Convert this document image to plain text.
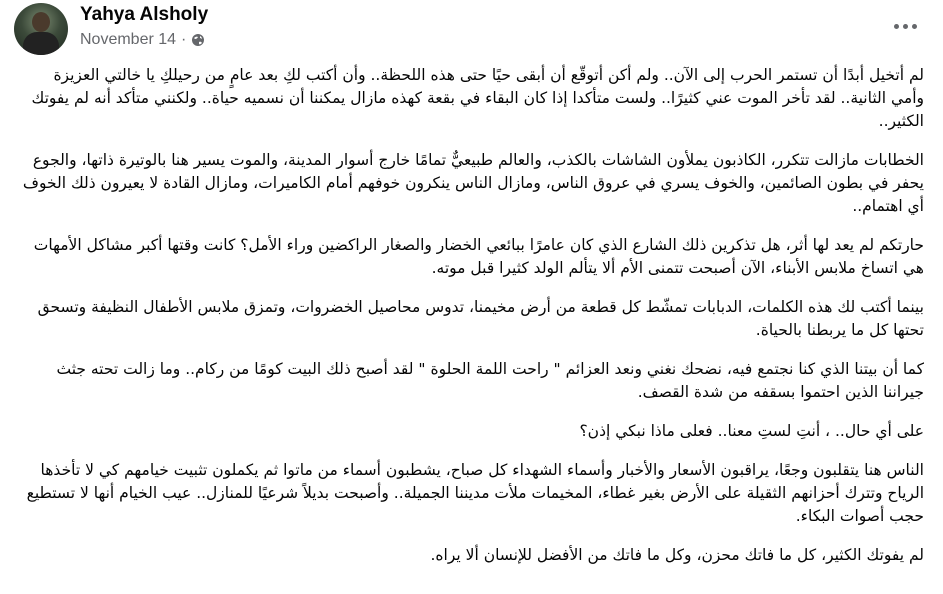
Yahya Alsholy
November 14 ·

لم أتخيل أبدًا أن تستمر الحرب إلى الآن.. ولم أكن أتوقّع أن أبقى حيًا حتى هذه اللحظة.. وأن أكتب لكِ بعد عامٍ من رحيلكِ يا خالتي العزيزة وأمي الثانية.. لقد تأخر الموت عني كثيرًا.. ولست متأكدا إذا كان البقاء في بقعة كهذه مازال يمكننا أن نسميه حياة.. ولكنني متأكد أنه لم يفوتك الكثير..

الخطابات مازالت تتكرر، الكاذبون يملأون الشاشات بالكذب، والعالم طبيعيٌّ تمامًا خارج أسوار المدينة، والموت يسير هنا بالوتيرة ذاتها، والجوع يحفر في بطون الصائمين، والخوف يسري في عروق الناس، ومازال الناس ينكرون خوفهم أمام الكاميرات، ومازال القادة لا يعيرون ذلك الخوف أي اهتمام..

حارتكم لم يعد لها أثر، هل تذكرين ذلك الشارع الذي كان عامرًا ببائعي الخضار والصغار الراكضين وراء الأمل؟ كانت وقتها أكبر مشاكل الأمهات هي اتساخ ملابس الأبناء، الآن أصبحت تتمنى الأم ألا يتألم الولد كثيرا قبل موته.

بينما أكتب لك هذه الكلمات، الدبابات تمشّط كل قطعة من أرض مخيمنا، تدوس محاصيل الخضروات، وتمزق ملابس الأطفال النظيفة وتسحق تحتها كل ما يربطنا بالحياة.

كما أن بيتنا الذي كنا نجتمع فيه، نضحك نغني ونعد العزائم " راحت اللمة الحلوة " لقد أصبح ذلك البيت كومًا من ركام.. وما زالت تحته جثث جيراننا الذين احتموا بسقفه من شدة القصف.

على أي حال.. ، أنتِ لستِ معنا.. فعلى ماذا نبكي إذن؟

الناس هنا يتقلبون وجعًا، يراقبون الأسعار والأخبار وأسماء الشهداء كل صباح، يشطبون أسماء من ماتوا ثم يكملون تثبيت خيامهم كي لا تأخذها الرياح وتترك أحزانهم الثقيلة على الأرض بغير غطاء، المخيمات ملأت مديننا الجميلة.. وأصبحت بديلاً شرعيًا للمنازل.. عيب الخيام أنها لا تستطيع حجب أصوات البكاء.

لم يفوتك الكثير، كل ما فاتك محزن، وكل ما فاتك من الأفضل للإنسان ألا يراه.
